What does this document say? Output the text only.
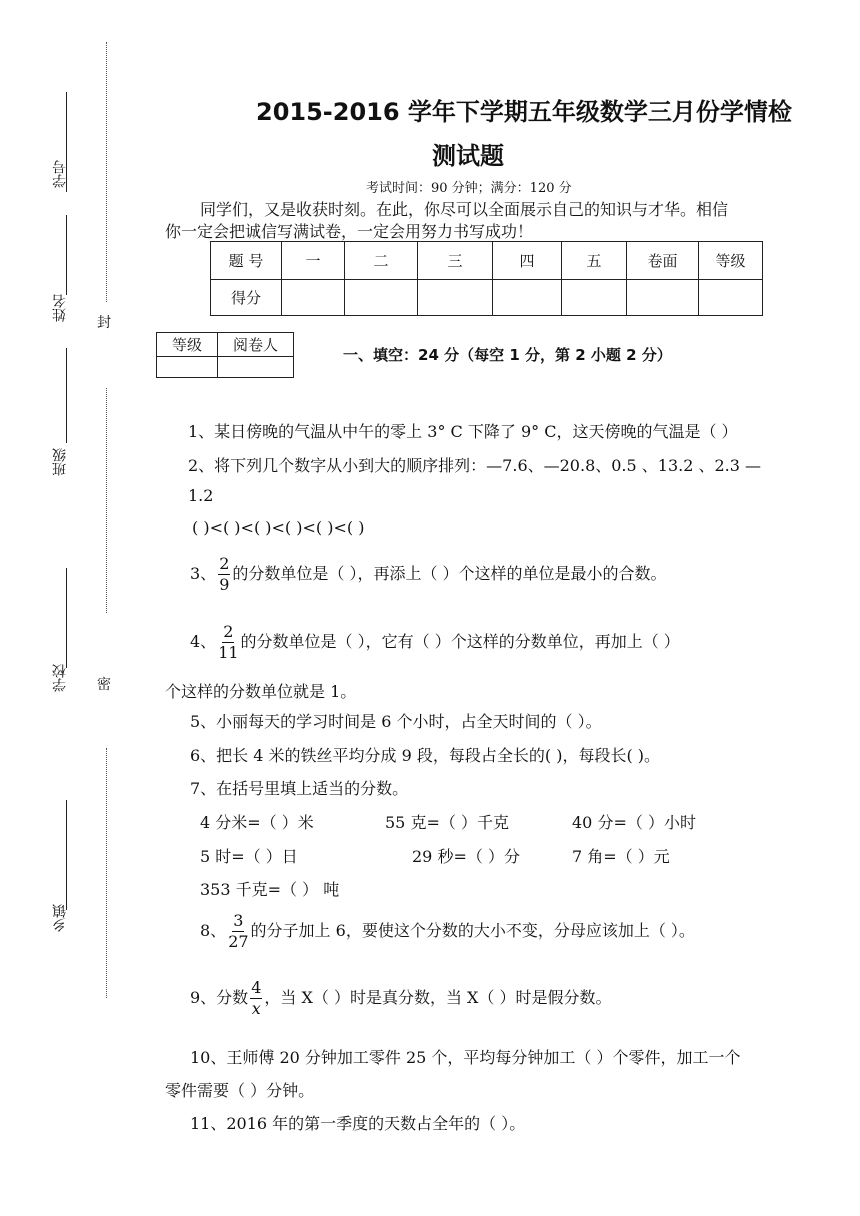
学号
姓名
班级
学校
乡镇
封
密
2015-2016 学年下学期五年级数学三月份学情检
测试题
考试时间：90 分钟；满分：120 分
同学们，又是收获时刻。在此，你尽可以全面展示自己的知识与才华。相信
你一定会把诚信写满试卷，一定会用努力书写成功！
题 号	一	二	三	四	五	卷面	等级
得分							
等级	阅卷人

一、填空：24 分（每空 1 分，第 2 小题 2 分）
1、某日傍晚的气温从中午的零上 3° C 下降了 9° C，这天傍晚的气温是（ ）
2、将下列几个数字从小到大的顺序排列：—7.6、—20.8、0.5 、13.2 、2.3 —
1.2
( )<( )<( )<( )<( )<( )
3、 $\frac{2}{9}$ 的分数单位是（ ），再添上（ ）个这样的单位是最小的合数。
4、 $\frac{2}{11}$ 的分数单位是（ ），它有（ ）个这样的分数单位，再加上（ ）
个这样的分数单位就是 1。
5、小丽每天的学习时间是 6 个小时，占全天时间的（ ）。
6、把长 4 米的铁丝平均分成 9 段，每段占全长的( )，每段长( )。
7、在括号里填上适当的分数。
4 分米=（ ）米	55 克=（ ）千克	40 分=（ ）小时
5 时=（ ）日	29 秒=（ ）分	7 角=（ ）元
353 千克=（ ） 吨
8、 $\frac{3}{27}$ 的分子加上 6，要使这个分数的大小不变，分母应该加上（ ）。
9、分数 $\frac{4}{x}$ ，当 X（ ）时是真分数，当 X（ ）时是假分数。
10、王师傅 20 分钟加工零件 25 个，平均每分钟加工（ ）个零件，加工一个
零件需要（ ）分钟。
11、2016 年的第一季度的天数占全年的（ ）。
